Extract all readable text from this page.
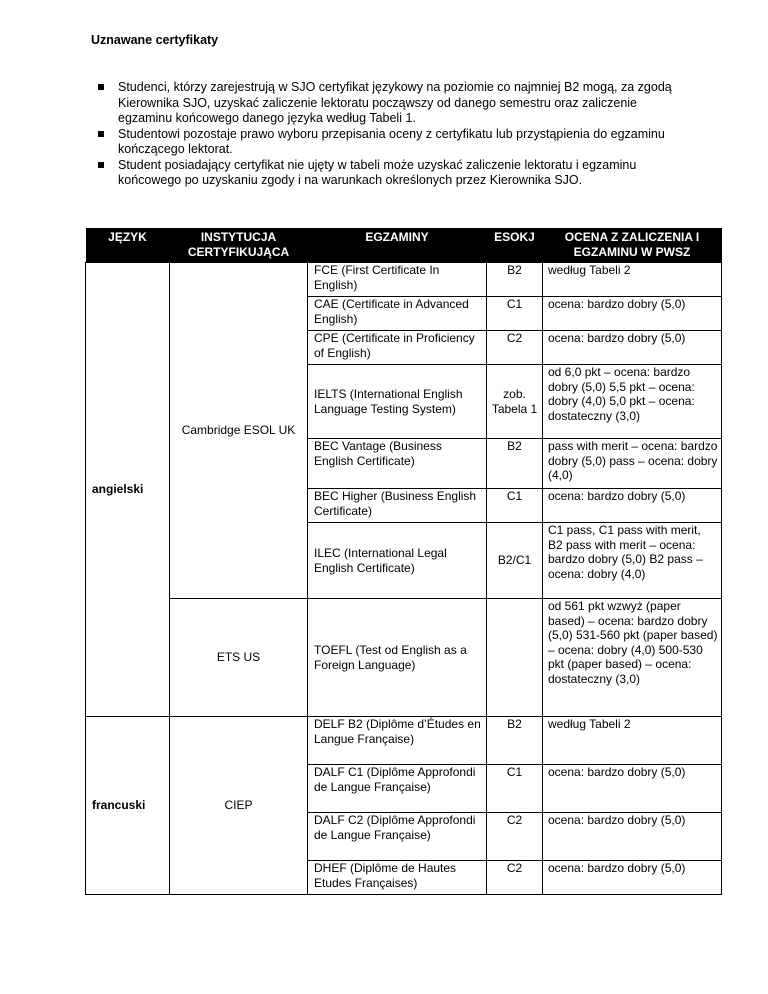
Uznawane certyfikaty
Studenci, którzy zarejestrują w SJO certyfikat językowy na poziomie co najmniej B2 mogą, za zgodą Kierownika SJO, uzyskać zaliczenie lektoratu począwszy od danego semestru oraz zaliczenie egzaminu końcowego danego języka według Tabeli 1.
Studentowi pozostaje prawo wyboru przepisania oceny z certyfikatu lub przystąpienia do egzaminu kończącego lektorat.
Student posiadający certyfikat nie ujęty w tabeli może uzyskać zaliczenie lektoratu i egzaminu końcowego po uzyskaniu zgody i na warunkach określonych przez Kierownika SJO.
JĘZYK	INSTYTUCJA CERTYFIKUJĄCA	EGZAMINY	ESOKJ	OCENA Z ZALICZENIA I EGZAMINU W PWSZ
angielski	Cambridge ESOL UK	FCE (First Certificate In English)	B2	według Tabeli 2
		CAE (Certificate in Advanced English)	C1	ocena: bardzo dobry (5,0)
		CPE (Certificate in Proficiency of English)	C2	ocena: bardzo dobry (5,0)
		IELTS (International English Language Testing System)	zob. Tabela 1	od 6,0 pkt – ocena: bardzo dobry (5,0) 5,5 pkt – ocena: dobry (4,0) 5,0 pkt – ocena: dostateczny (3,0)
		BEC Vantage (Business English Certificate)	B2	pass with merit – ocena: bardzo dobry (5,0) pass – ocena: dobry (4,0)
		BEC Higher (Business English Certificate)	C1	ocena: bardzo dobry (5,0)
		ILEC (International Legal English Certificate)	B2/C1	C1 pass, C1 pass with merit, B2 pass with merit – ocena: bardzo dobry (5,0) B2 pass – ocena: dobry (4,0)
	ETS US	TOEFL (Test od English as a Foreign Language)		od 561 pkt wzwyż (paper based) – ocena: bardzo dobry (5,0) 531-560 pkt (paper based) – ocena: dobry (4,0) 500-530 pkt (paper based) – ocena: dostateczny (3,0)
francuski	CIEP	DELF B2 (Diplôme d’Études en Langue Française)	B2	według Tabeli 2
		DALF C1 (Diplôme Approfondi de Langue Française)	C1	ocena: bardzo dobry (5,0)
		DALF C2 (Diplôme Approfondi de Langue Française)	C2	ocena: bardzo dobry (5,0)
		DHEF (Diplôme de Hautes Etudes Françaises)	C2	ocena: bardzo dobry (5,0)
